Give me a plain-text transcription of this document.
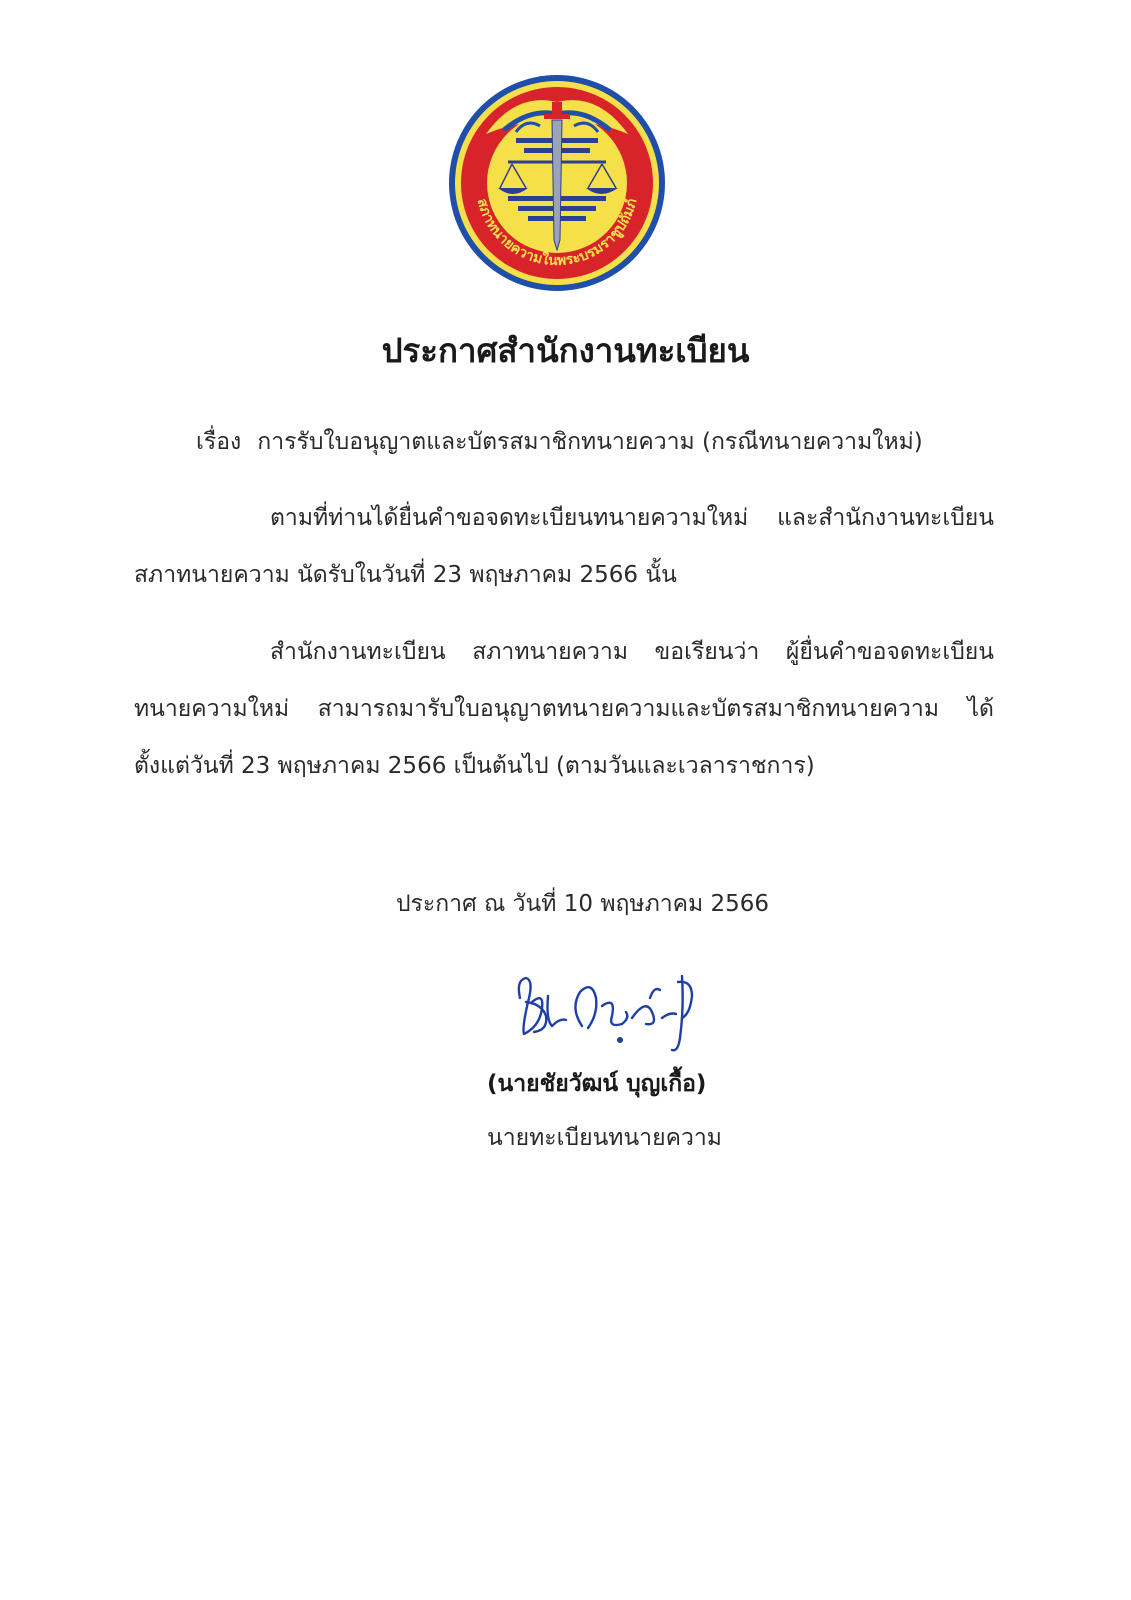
สภาทนายความในพระบรมราชูปถัมภ์
ประกาศสำนักงานทะเบียน
เรื่อง การรับใบอนุญาตและบัตรสมาชิกทนายความ (กรณีทนายความใหม่)

ตามที่ท่านได้ยื่นคำขอจดทะเบียนทนายความใหม่ และสำนักงานทะเบียน สภาทนายความ นัดรับในวันที่ 23 พฤษภาคม 2566 นั้น

สำนักงานทะเบียน สภาทนายความ ขอเรียนว่า ผู้ยื่นคำขอจดทะเบียนทนายความใหม่ สามารถมารับใบอนุญาตทนายความและบัตรสมาชิกทนายความ ได้ตั้งแต่วันที่ 23 พฤษภาคม 2566 เป็นต้นไป (ตามวันและเวลาราชการ)

ประกาศ ณ วันที่ 10 พฤษภาคม 2566
(นายชัยวัฒน์ บุญเกื้อ)
นายทะเบียนทนายความ
